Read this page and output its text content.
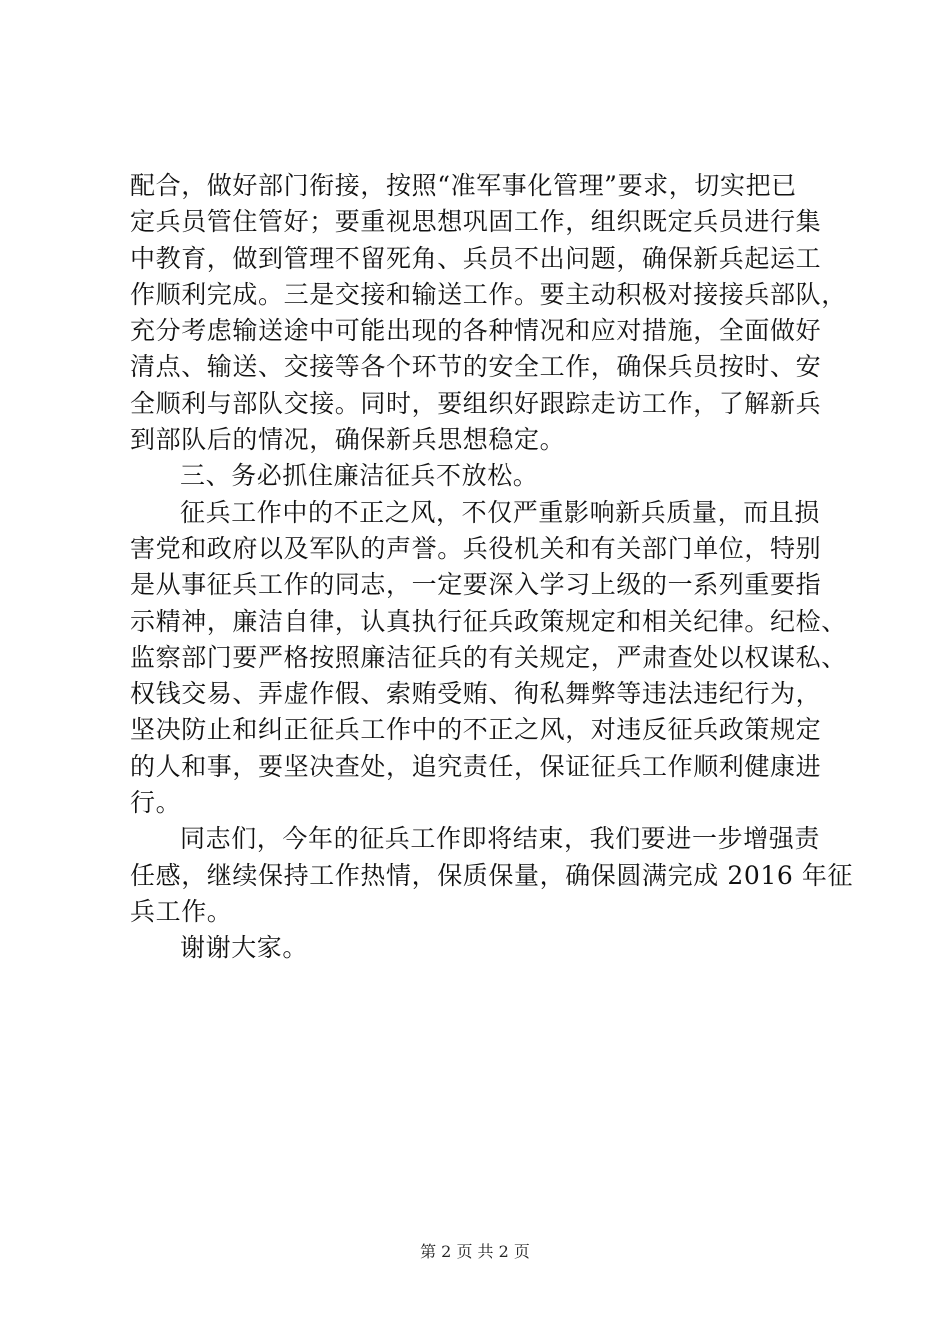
配合，做好部门衔接，按照“准军事化管理”要求，切实把已
定兵员管住管好；要重视思想巩固工作，组织既定兵员进行集
中教育，做到管理不留死角、兵员不出问题，确保新兵起运工
作顺利完成。三是交接和输送工作。要主动积极对接接兵部队，
充分考虑输送途中可能出现的各种情况和应对措施，全面做好
清点、输送、交接等各个环节的安全工作，确保兵员按时、安
全顺利与部队交接。同时，要组织好跟踪走访工作，了解新兵
到部队后的情况，确保新兵思想稳定。
三、务必抓住廉洁征兵不放松。
征兵工作中的不正之风，不仅严重影响新兵质量，而且损
害党和政府以及军队的声誉。兵役机关和有关部门单位，特别
是从事征兵工作的同志，一定要深入学习上级的一系列重要指
示精神，廉洁自律，认真执行征兵政策规定和相关纪律。纪检、
监察部门要严格按照廉洁征兵的有关规定，严肃查处以权谋私、
权钱交易、弄虚作假、索贿受贿、徇私舞弊等违法违纪行为，
坚决防止和纠正征兵工作中的不正之风，对违反征兵政策规定
的人和事，要坚决查处，追究责任，保证征兵工作顺利健康进
行。
同志们，今年的征兵工作即将结束，我们要进一步增强责
任感，继续保持工作热情，保质保量，确保圆满完成 2016 年征
兵工作。
谢谢大家。
第 2 页 共 2 页
